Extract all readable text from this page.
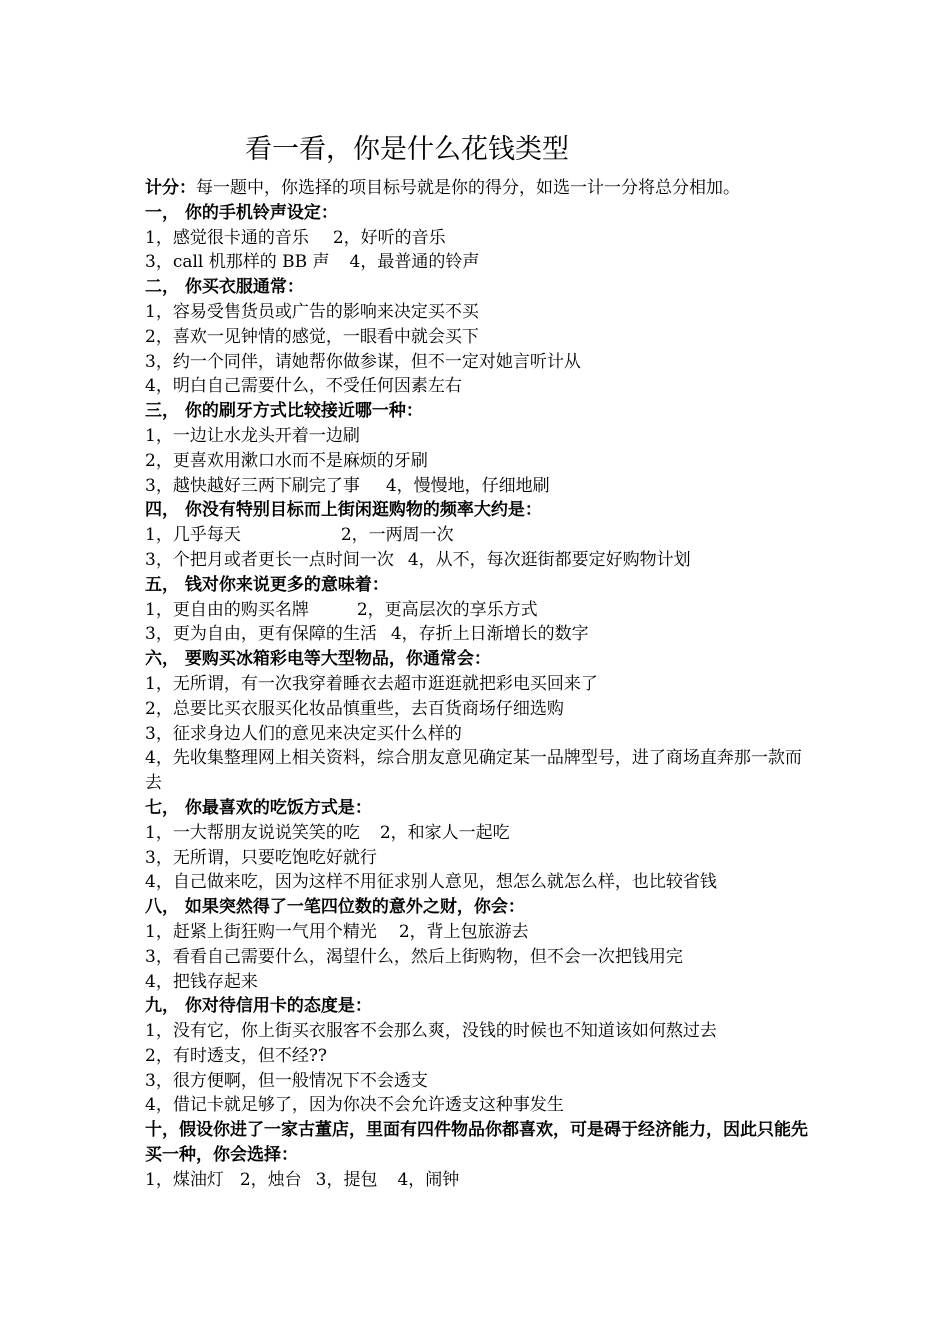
看一看，你是什么花钱类型
计分：每一题中，你选择的项目标号就是你的得分，如选一计一分将总分相加。
一， 你的手机铃声设定：
1，感觉很卡通的音乐 2，好听的音乐
3，call 机那样的 BB 声 4，最普通的铃声
二， 你买衣服通常：
1，容易受售货员或广告的影响来决定买不买
2，喜欢一见钟情的感觉，一眼看中就会买下
3，约一个同伴，请她帮你做参谋，但不一定对她言听计从
4，明白自己需要什么，不受任何因素左右
三， 你的刷牙方式比较接近哪一种：
1，一边让水龙头开着一边刷
2，更喜欢用漱口水而不是麻烦的牙刷
3，越快越好三两下刷完了事 4，慢慢地，仔细地刷
四， 你没有特别目标而上街闲逛购物的频率大约是：
1，几乎每天	2，一两周一次
3，个把月或者更长一点时间一次 4，从不，每次逛街都要定好购物计划
五， 钱对你来说更多的意味着：
1，更自由的购买名牌	2，更高层次的享乐方式
3，更为自由，更有保障的生活 4，存折上日渐增长的数字
六， 要购买冰箱彩电等大型物品，你通常会：
1，无所谓，有一次我穿着睡衣去超市逛逛就把彩电买回来了
2，总要比买衣服买化妆品慎重些，去百货商场仔细选购
3，征求身边人们的意见来决定买什么样的
4，先收集整理网上相关资料，综合朋友意见确定某一品牌型号，进了商场直奔那一款而去
七， 你最喜欢的吃饭方式是：
1，一大帮朋友说说笑笑的吃 2，和家人一起吃
3，无所谓，只要吃饱吃好就行
4，自己做来吃，因为这样不用征求别人意见，想怎么就怎么样，也比较省钱
八， 如果突然得了一笔四位数的意外之财，你会：
1，赶紧上街狂购一气用个精光 2，背上包旅游去
3，看看自己需要什么，渴望什么，然后上街购物，但不会一次把钱用完
4，把钱存起来
九， 你对待信用卡的态度是：
1，没有它，你上街买衣服客不会那么爽，没钱的时候也不知道该如何熬过去
2，有时透支，但不经??
3，很方便啊，但一般情况下不会透支
4，借记卡就足够了，因为你决不会允许透支这种事发生
十，假设你进了一家古董店，里面有四件物品你都喜欢，可是碍于经济能力，因此只能先买一种，你会选择：
1，煤油灯 2，烛台 3，提包 4，闹钟
